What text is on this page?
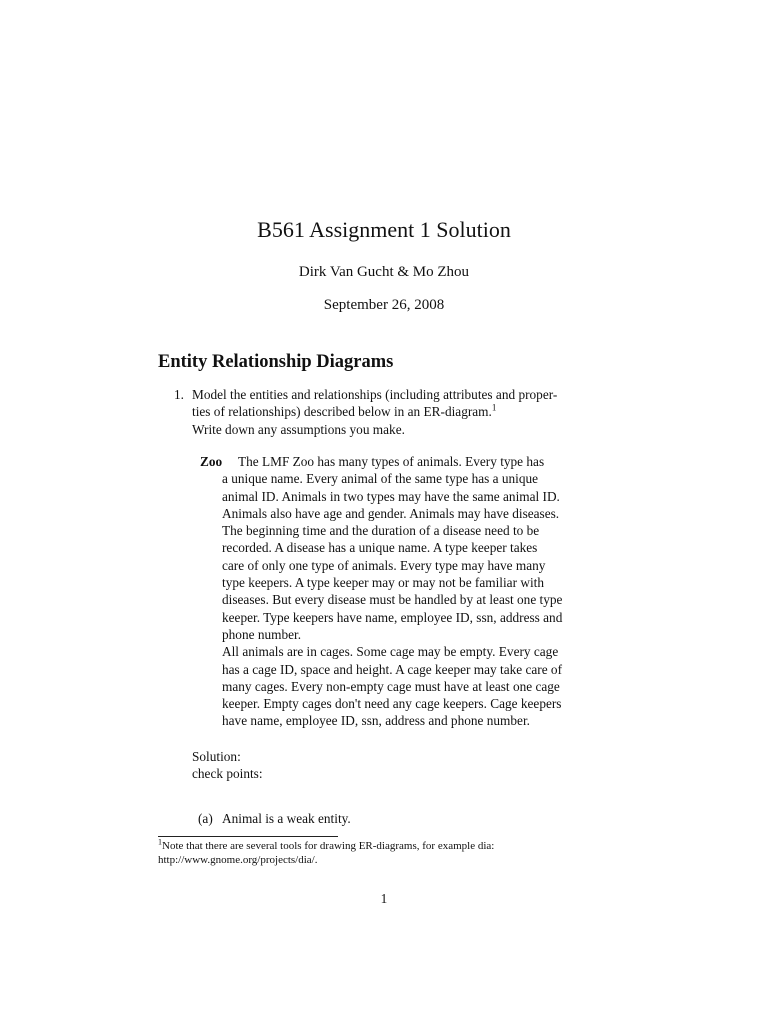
B561 Assignment 1 Solution
Dirk Van Gucht & Mo Zhou
September 26, 2008
Entity Relationship Diagrams
1. Model the entities and relationships (including attributes and proper-
ties of relationships) described below in an ER-diagram.$^1$
Write down any assumptions you make.
Zoo	The LMF Zoo has many types of animals. Every type has
a unique name. Every animal of the same type has a unique
animal ID. Animals in two types may have the same animal ID.
Animals also have age and gender. Animals may have diseases.
The beginning time and the duration of a disease need to be
recorded. A disease has a unique name. A type keeper takes
care of only one type of animals. Every type may have many
type keepers. A type keeper may or may not be familiar with
diseases. But every disease must be handled by at least one type
keeper. Type keepers have name, employee ID, ssn, address and
phone number.
All animals are in cages. Some cage may be empty. Every cage
has a cage ID, space and height. A cage keeper may take care of
many cages. Every non-empty cage must have at least one cage
keeper. Empty cages don't need any cage keepers. Cage keepers
have name, employee ID, ssn, address and phone number.
Solution:
check points:
(a) Animal is a weak entity.
$^1$Note that there are several tools for drawing ER-diagrams, for example dia:
http://www.gnome.org/projects/dia/.
1
